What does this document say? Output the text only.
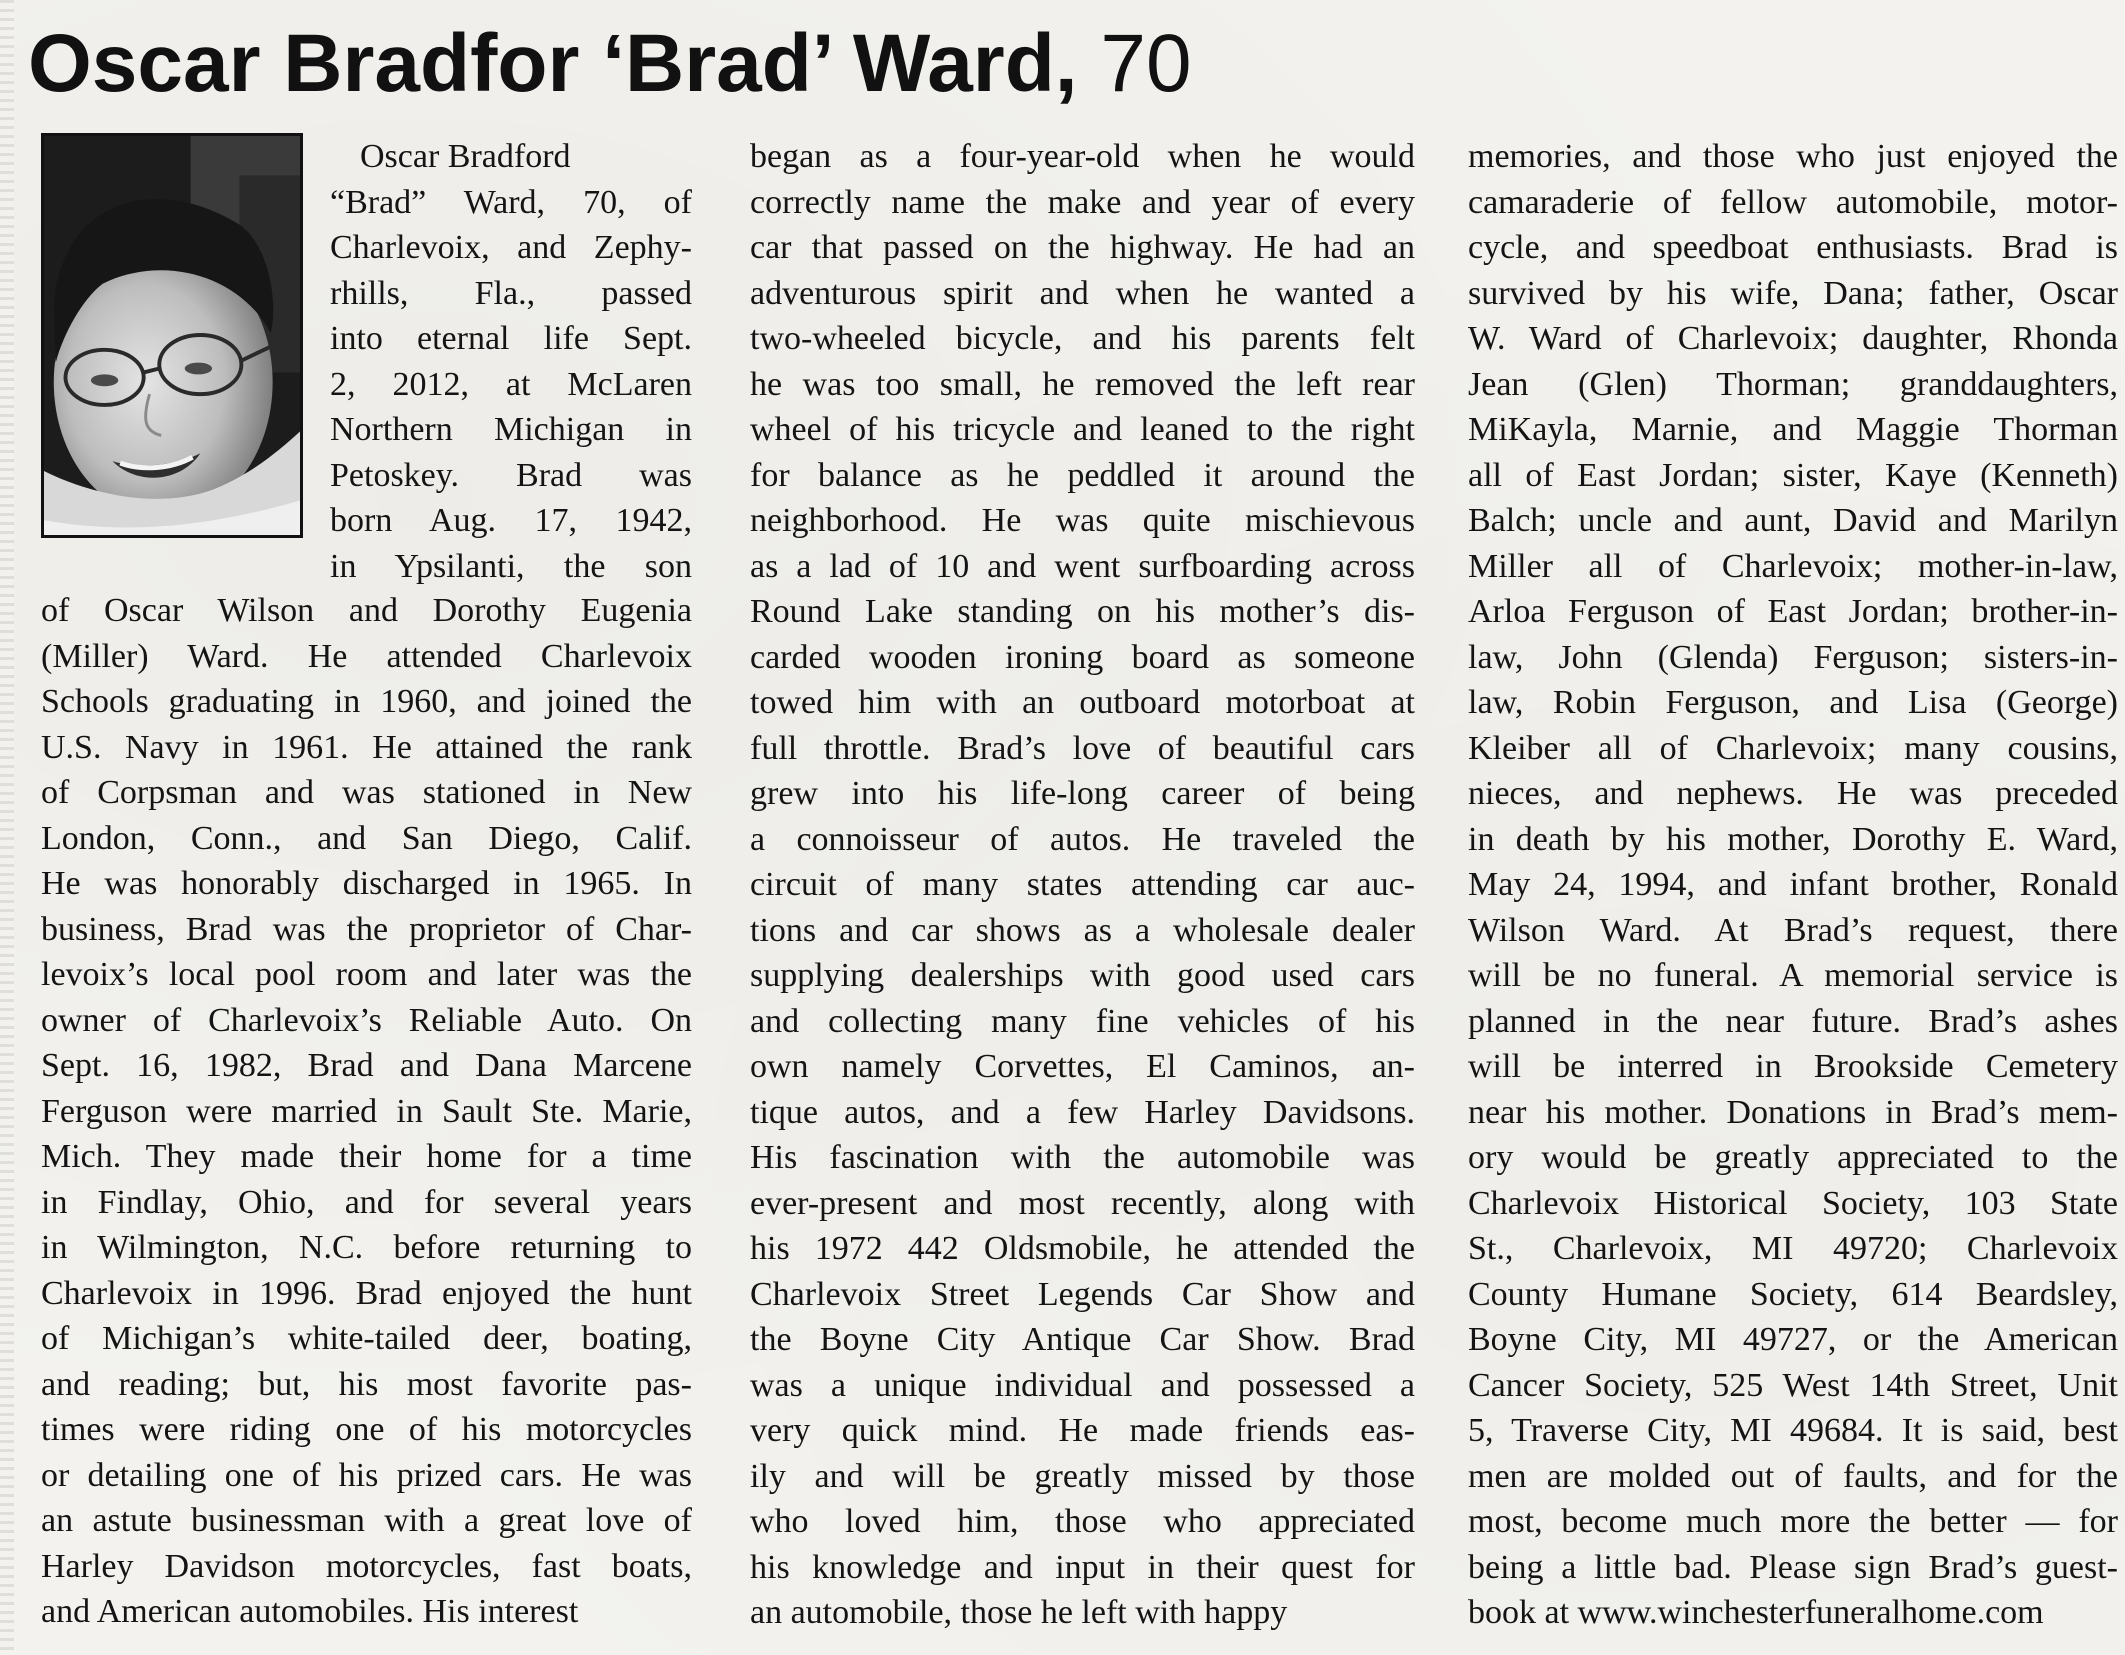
Oscar Bradfor ‘Brad’ Ward, 70
Oscar Bradford
“Brad” Ward, 70, of
Charlevoix, and Zephy-
rhills, Fla., passed
into eternal life Sept.
2, 2012, at McLaren
Northern Michigan in
Petoskey. Brad was
born Aug. 17, 1942,
in Ypsilanti, the son
of Oscar Wilson and Dorothy Eugenia
(Miller) Ward. He attended Charlevoix
Schools graduating in 1960, and joined the
U.S. Navy in 1961. He attained the rank
of Corpsman and was stationed in New
London, Conn., and San Diego, Calif.
He was honorably discharged in 1965. In
business, Brad was the proprietor of Char-
levoix’s local pool room and later was the
owner of Charlevoix’s Reliable Auto. On
Sept. 16, 1982, Brad and Dana Marcene
Ferguson were married in Sault Ste. Marie,
Mich. They made their home for a time
in Findlay, Ohio, and for several years
in Wilmington, N.C. before returning to
Charlevoix in 1996. Brad enjoyed the hunt
of Michigan’s white-tailed deer, boating,
and reading; but, his most favorite pas-
times were riding one of his motorcycles
or detailing one of his prized cars. He was
an astute businessman with a great love of
Harley Davidson motorcycles, fast boats,
and American automobiles. His interest
began as a four-year-old when he would
correctly name the make and year of every
car that passed on the highway. He had an
adventurous spirit and when he wanted a
two-wheeled bicycle, and his parents felt
he was too small, he removed the left rear
wheel of his tricycle and leaned to the right
for balance as he peddled it around the
neighborhood. He was quite mischievous
as a lad of 10 and went surfboarding across
Round Lake standing on his mother’s dis-
carded wooden ironing board as someone
towed him with an outboard motorboat at
full throttle. Brad’s love of beautiful cars
grew into his life-long career of being
a connoisseur of autos. He traveled the
circuit of many states attending car auc-
tions and car shows as a wholesale dealer
supplying dealerships with good used cars
and collecting many fine vehicles of his
own namely Corvettes, El Caminos, an-
tique autos, and a few Harley Davidsons.
His fascination with the automobile was
ever-present and most recently, along with
his 1972 442 Oldsmobile, he attended the
Charlevoix Street Legends Car Show and
the Boyne City Antique Car Show. Brad
was a unique individual and possessed a
very quick mind. He made friends eas-
ily and will be greatly missed by those
who loved him, those who appreciated
his knowledge and input in their quest for
an automobile, those he left with happy
memories, and those who just enjoyed the
camaraderie of fellow automobile, motor-
cycle, and speedboat enthusiasts. Brad is
survived by his wife, Dana; father, Oscar
W. Ward of Charlevoix; daughter, Rhonda
Jean (Glen) Thorman; granddaughters,
MiKayla, Marnie, and Maggie Thorman
all of East Jordan; sister, Kaye (Kenneth)
Balch; uncle and aunt, David and Marilyn
Miller all of Charlevoix; mother-in-law,
Arloa Ferguson of East Jordan; brother-in-
law, John (Glenda) Ferguson; sisters-in-
law, Robin Ferguson, and Lisa (George)
Kleiber all of Charlevoix; many cousins,
nieces, and nephews. He was preceded
in death by his mother, Dorothy E. Ward,
May 24, 1994, and infant brother, Ronald
Wilson Ward. At Brad’s request, there
will be no funeral. A memorial service is
planned in the near future. Brad’s ashes
will be interred in Brookside Cemetery
near his mother. Donations in Brad’s mem-
ory would be greatly appreciated to the
Charlevoix Historical Society, 103 State
St., Charlevoix, MI 49720; Charlevoix
County Humane Society, 614 Beardsley,
Boyne City, MI 49727, or the American
Cancer Society, 525 West 14th Street, Unit
5, Traverse City, MI 49684. It is said, best
men are molded out of faults, and for the
most, become much more the better — for
being a little bad. Please sign Brad’s guest-
book at www.winchesterfuneralhome.com
